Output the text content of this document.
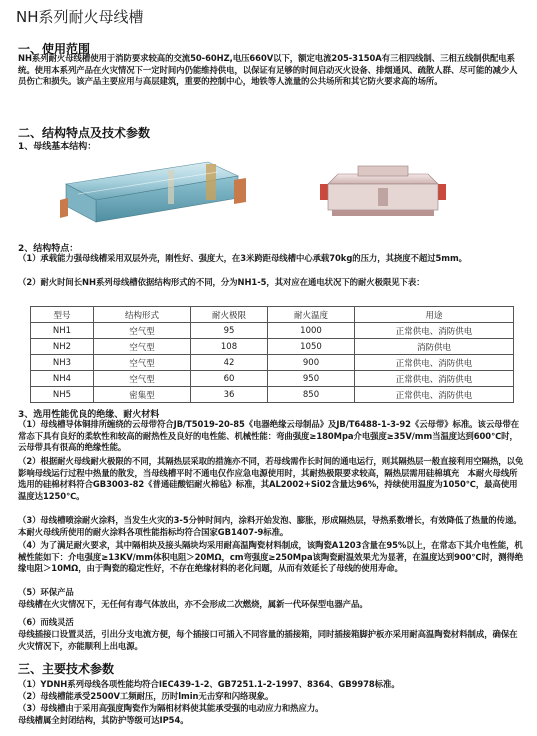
NH系列耐火母线槽
一、使用范围
NH系列耐火母线槽使用于消防要求较高的交流50-60HZ,电压660V以下，额定电流205-3150A有三相四线制、三相五线制供配电系统。使用本系列产品在火灾情况下一定时间内仍能维持供电，以保证有足够的时间启动灭火设备、排烟通风、疏散人群、尽可能的减少人员伤亡和损失。该产品主要应用与高层建筑，重要的控制中心，地铁等人流量的公共场所和其它防火要求高的场所。
二、结构特点及技术参数
1、母线基本结构：
2、结构特点：
（1）承载能力强母线槽采用双层外壳，刚性好、强度大，在3米跨距母线槽中心承载70kg的压力，其挠度不超过5mm。
（2）耐火时间长NH系列母线槽依据结构形式的不同，分为NH1-5，其对应在通电状况下的耐火极限见下表：
型号	结构形式	耐火极限	耐火温度	用途
NH1	空气型	95	1000	正常供电、消防供电
NH2	空气型	108	1050	消防供电
NH3	空气型	42	900	正常供电、消防供电
NH4	空气型	60	950	正常供电、消防供电
NH5	密集型	36	850	正常供电、消防供电
3、选用性能优良的绝缘、耐火材料
（1）母线槽导体铜排所缠绕的云母带符合JB/T5019-20-85《电器绝缘云母制品》及JB/T6488-1-3-92《云母带》标准。该云母带在常态下具有良好的柔软性和较高的耐热性及良好的电性能、机械性能：弯曲强度≥180Mpa介电强度≥35V/mm当温度达到600℃时，云母带具有很高的绝缘性能。
（2）根据耐火母线耐火极限的不同，其隔热层采取的措施亦不同，若母线需作长时间的通电运行，则其隔热层一般直接利用空隔热，以免影响母线运行过程中热量的散发，当母线槽平时不通电仅作应急电源使用时，其耐热极限要求较高，隔热层需用硅棉填充　本耐火母线所选用的硅棉材料符合GB3003-82《普通硅酸铝耐火棉毡》标准，其AL2002+Si02含量达96%，持续使用温度为1050℃，最高使用温度达1250℃。
（3）母线槽喷涂耐火涂料，当发生火灾的3-5分钟时间内，涂料开始发泡、膨胀，形成隔热层，导热系数增长，有效降低了热量的传递。本耐火母线所使用的耐火涂料各项性能指标均符合国家GB1407-9标准。
（4）为了满足耐火要求，其中隔相块及接头隔块均采用耐高温陶瓷材料制成，该陶瓷A1203含量在95%以上，在常态下其介电性能，机械性能如下：介电强度≥13KV/mm体积电阻＞20MΩ，cm弯强度≥250Mpa该陶瓷耐温效果尤为显著，在温度达到900℃时，测得绝缘电阻＞10MΩ，由于陶瓷的稳定性好，不存在绝缘材料的老化问题，从而有效延长了母线的使用寿命。
（5）环保产品
母线槽在火灾情况下，无任何有毒气体放出，亦不会形成二次燃烧，属新一代环保型电器产品。
（6）而线灵活
母线插接口设置灵活，引出分支电流方便，每个插接口可插入不同容量的插接箱，同时插接箱脚护板亦采用耐高温陶瓷材料制成，确保在火灾情况下，亦能顺利上出电源。
三、主要技术参数
（1）YDNH系列母线各项性能均符合IEC439-1-2、GB7251.1-2-1997、8364、GB9978标准。
（2）母线槽能承受2500V工频耐压，历时lmin无击穿和闪络现象。
（3）母线槽由于采用高强度陶瓷作为隔相材料使其能承受强的电动应力和热应力。
母线槽属全封闭结构，其防护等级可达IP54。
